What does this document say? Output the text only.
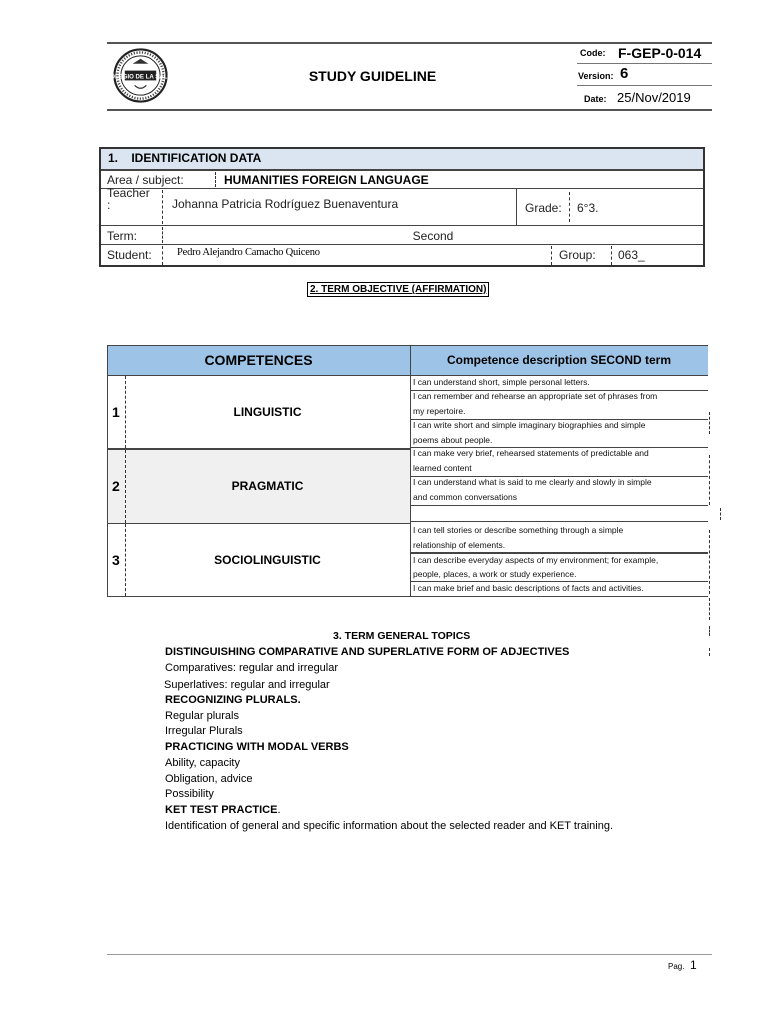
COLEGIO DE LA SALLE	STUDY GUIDELINE
Code: F-GEP-0-014
Version: 6
Date: 25/Nov/2019
1.    IDENTIFICATION DATA
Area / subject:	HUMANITIES FOREIGN LANGUAGE
Teacher
:	Johanna Patricia Rodríguez Buenaventura	Grade: 6°3.
Term:	Second
Student: Pedro Alejandro Camacho Quiceno	Group: 063_
2. TERM OBJECTIVE (AFFIRMATION)
COMPETENCES	Competence description SECOND term
1	LINGUISTIC
I can understand short, simple personal letters.
I can remember and rehearse an appropriate set of phrases from
my repertoire.
I can write short and simple imaginary biographies and simple
poems about people.
2	PRAGMATIC
I can make very brief, rehearsed statements of predictable and
learned content
I can understand what is said to me clearly and slowly in simple
and common conversations
3	SOCIOLINGUISTIC
I can tell stories or describe something through a simple
relationship of elements.
I can describe everyday aspects of my environment; for example,
people, places, a work or study experience.
I can make brief and basic descriptions of facts and activities.
3. TERM GENERAL TOPICS
DISTINGUISHING COMPARATIVE AND SUPERLATIVE FORM OF ADJECTIVES
Comparatives: regular and irregular
Superlatives: regular and irregular
RECOGNIZING PLURALS.
Regular plurals
Irregular Plurals
PRACTICING WITH MODAL VERBS
Ability, capacity
Obligation, advice
Possibility
KET TEST PRACTICE.
Identification of general and specific information about the selected reader and KET training.
Pag. 1
